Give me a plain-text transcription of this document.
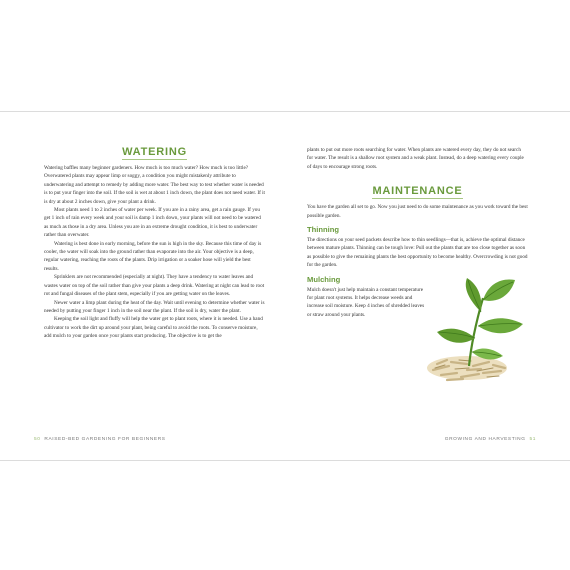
WATERING

Watering baffles many beginner gardeners. How much is too much water? How much is too little? Overwatered plants may appear limp or soggy, a condition you might mistakenly attribute to underwatering and attempt to remedy by adding more water. The best way to test whether water is needed is to put your finger into the soil. If the soil is wet at about 1 inch down, the plant does not need water. If it is dry at about 2 inches down, give your plant a drink.

Most plants need 1 to 2 inches of water per week. If you are in a rainy area, get a rain gauge. If you get 1 inch of rain every week and your soil is damp 1 inch down, your plants will not need to be watered as much as those in a dry area. Unless you are in an extreme drought condition, it is best to underwater rather than overwater.

Watering is best done in early morning, before the sun is high in the sky. Because this time of day is cooler, the water will soak into the ground rather than evaporate into the air. Your objective is a deep, regular watering, reaching the roots of the plants. Drip irrigation or a soaker hose will yield the best results.

Sprinklers are not recommended (especially at night). They have a tendency to water leaves and wastes water on top of the soil rather than give your plants a deep drink. Watering at night can lead to root rot and fungal diseases of the plant stem, especially if you are getting water on the leaves.

Newer water a limp plant during the heat of the day. Wait until evening to determine whether water is needed by putting your finger 1 inch in the soil near the plant. If the soil is dry, water the plant.

Keeping the soil light and fluffy will help the water get to plant roots, where it is needed. Use a hand cultivator to work the dirt up around your plant, being careful to avoid the roots. To conserve moisture, add mulch to your garden once your plants start producing. The objective is to get the

plants to put out more roots searching for water. When plants are watered every day, they do not search for water. The result is a shallow root system and a weak plant. Instead, do a deep watering every couple of days to encourage strong roots.

MAINTENANCE

You have the garden all set to go. Now you just need to do some maintenance as you work toward the best possible garden.

Thinning

The directions on your seed packets describe how to thin seedlings—that is, achieve the optimal distance between mature plants. Thinning can be tough love: Pull out the plants that are too close together as soon as possible to give the remaining plants the best opportunity to become healthy. Overcrowding is not good for the garden.

Mulching

Mulch doesn't just help maintain a constant temperature for plant root systems. It helps decrease weeds and increase soil moisture. Keep 4 inches of shredded leaves or straw around your plants.

50 RAISED-BED GARDENING FOR BEGINNERS	GROWING AND HARVESTING 51
